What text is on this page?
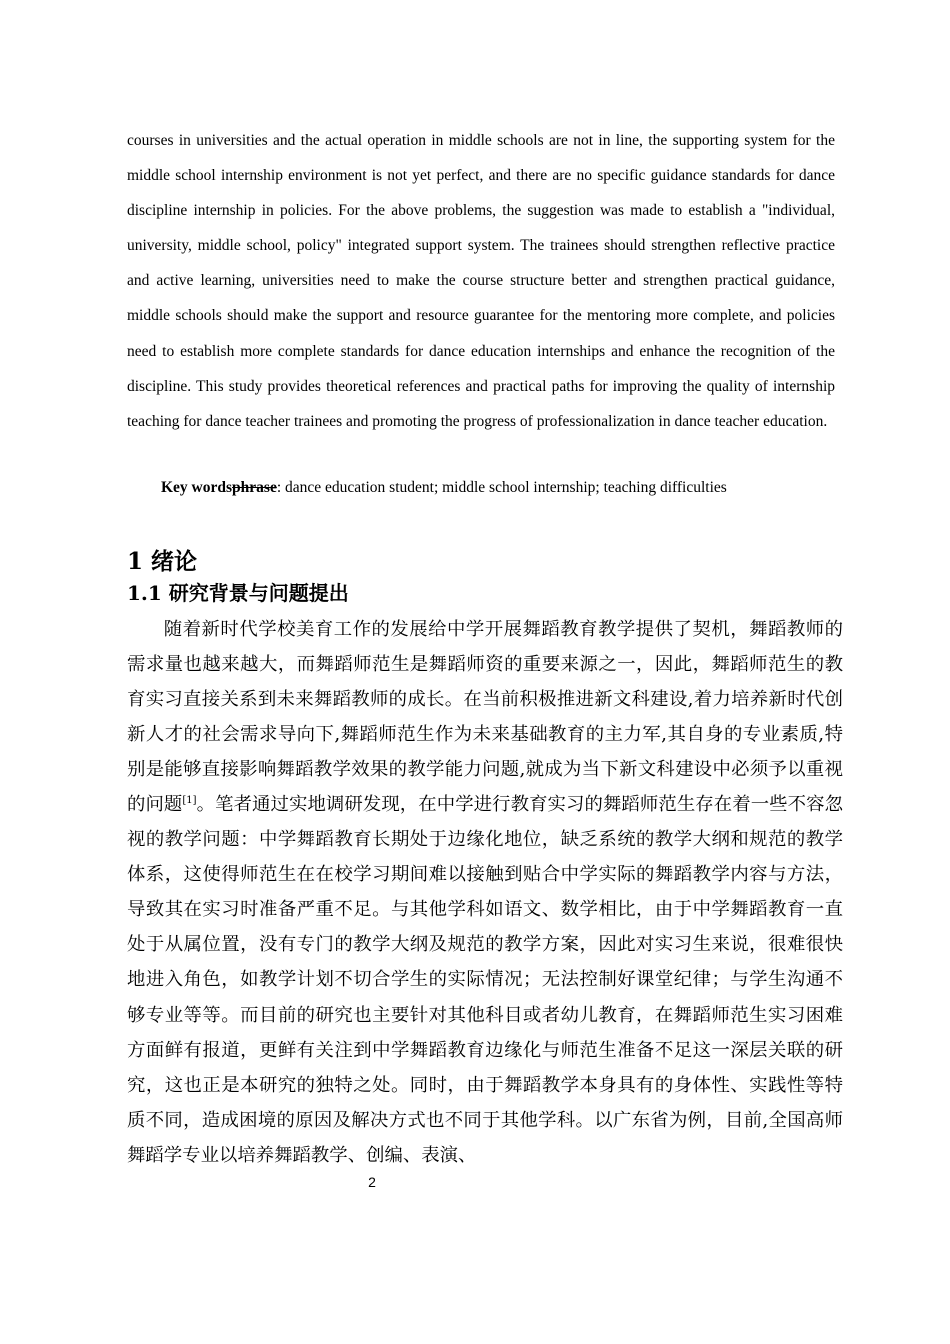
courses in universities and the actual operation in middle schools are not in line, the supporting system for the middle school internship environment is not yet perfect, and there are no specific guidance standards for dance discipline internship in policies. For the above problems, the suggestion was made to establish a "individual, university, middle school, policy" integrated support system. The trainees should strengthen reflective practice and active learning, universities need to make the course structure better and strengthen practical guidance, middle schools should make the support and resource guarantee for the mentoring more complete, and policies need to establish more complete standards for dance education internships and enhance the recognition of the discipline. This study provides theoretical references and practical paths for improving the quality of internship teaching for dance teacher trainees and promoting the progress of professionalization in dance teacher education.

Key wordsphrase: dance education student; middle school internship; teaching difficulties
1 绪论
1.1 研究背景与问题提出

随着新时代学校美育工作的发展给中学开展舞蹈教育教学提供了契机，舞蹈教师的需求量也越来越大，而舞蹈师范生是舞蹈师资的重要来源之一，因此，舞蹈师范生的教育实习直接关系到未来舞蹈教师的成长。在当前积极推进新文科建设,着力培养新时代创新人才的社会需求导向下,舞蹈师范生作为未来基础教育的主力军,其自身的专业素质,特别是能够直接影响舞蹈教学效果的教学能力问题,就成为当下新文科建设中必须予以重视的问题[1]。笔者通过实地调研发现，在中学进行教育实习的舞蹈师范生存在着一些不容忽视的教学问题：中学舞蹈教育长期处于边缘化地位，缺乏系统的教学大纲和规范的教学体系，这使得师范生在在校学习期间难以接触到贴合中学实际的舞蹈教学内容与方法，导致其在实习时准备严重不足。与其他学科如语文、数学相比，由于中学舞蹈教育一直处于从属位置，没有专门的教学大纲及规范的教学方案，因此对实习生来说，很难很快地进入角色，如教学计划不切合学生的实际情况；无法控制好课堂纪律；与学生沟通不够专业等等。而目前的研究也主要针对其他科目或者幼儿教育，在舞蹈师范生实习困难方面鲜有报道，更鲜有关注到中学舞蹈教育边缘化与师范生准备不足这一深层关联的研究，这也正是本研究的独特之处。同时，由于舞蹈教学本身具有的身体性、实践性等特质不同，造成困境的原因及解决方式也不同于其他学科。以广东省为例，目前,全国高师舞蹈学专业以培养舞蹈教学、创编、表演、

2
